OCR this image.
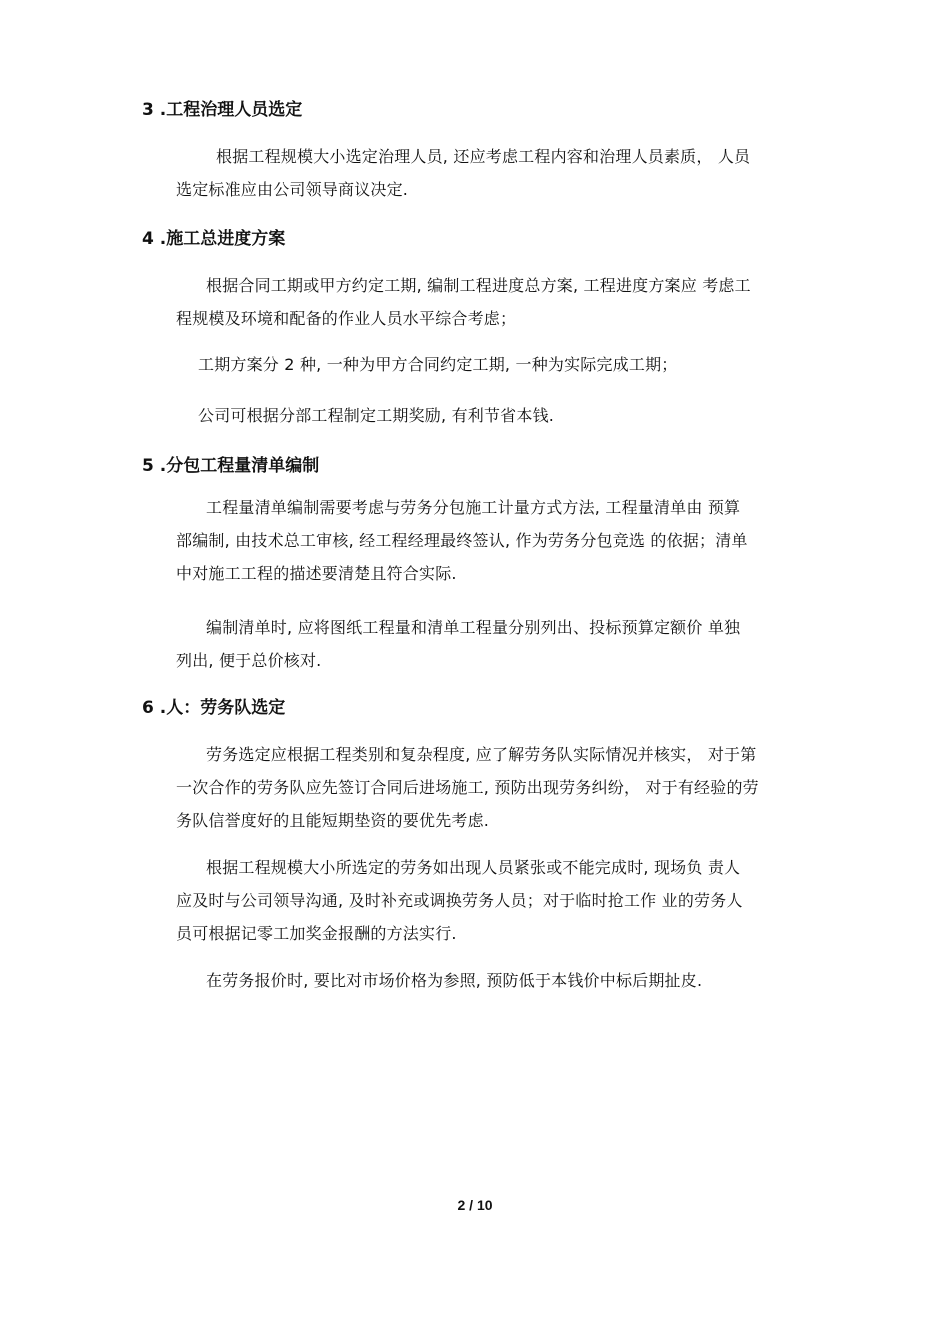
3 .工程治理人员选定
根据工程规模大小选定治理人员, 还应考虑工程内容和治理人员素质， 人员
选定标准应由公司领导商议决定.
4 .施工总进度方案
根据合同工期或甲方约定工期, 编制工程进度总方案, 工程进度方案应 考虑工
程规模及环境和配备的作业人员水平综合考虑；
工期方案分 2 种, 一种为甲方合同约定工期, 一种为实际完成工期；
公司可根据分部工程制定工期奖励, 有利节省本钱.
5 .分包工程量清单编制
工程量清单编制需要考虑与劳务分包施工计量方式方法, 工程量清单由 预算
部编制, 由技术总工审核, 经工程经理最终签认, 作为劳务分包竞选 的依据；清单
中对施工工程的描述要清楚且符合实际.
编制清单时, 应将图纸工程量和清单工程量分别列出、投标预算定额价 单独
列出, 便于总价核对.
6 .人：劳务队选定
劳务选定应根据工程类别和复杂程度, 应了解劳务队实际情况并核实， 对于第
一次合作的劳务队应先签订合同后进场施工, 预防出现劳务纠纷， 对于有经验的劳
务队信誉度好的且能短期垫资的要优先考虑.
根据工程规模大小所选定的劳务如出现人员紧张或不能完成时, 现场负 责人
应及时与公司领导沟通, 及时补充或调换劳务人员；对于临时抢工作 业的劳务人
员可根据记零工加奖金报酬的方法实行.
在劳务报价时, 要比对市场价格为参照, 预防低于本钱价中标后期扯皮.
2 / 10
